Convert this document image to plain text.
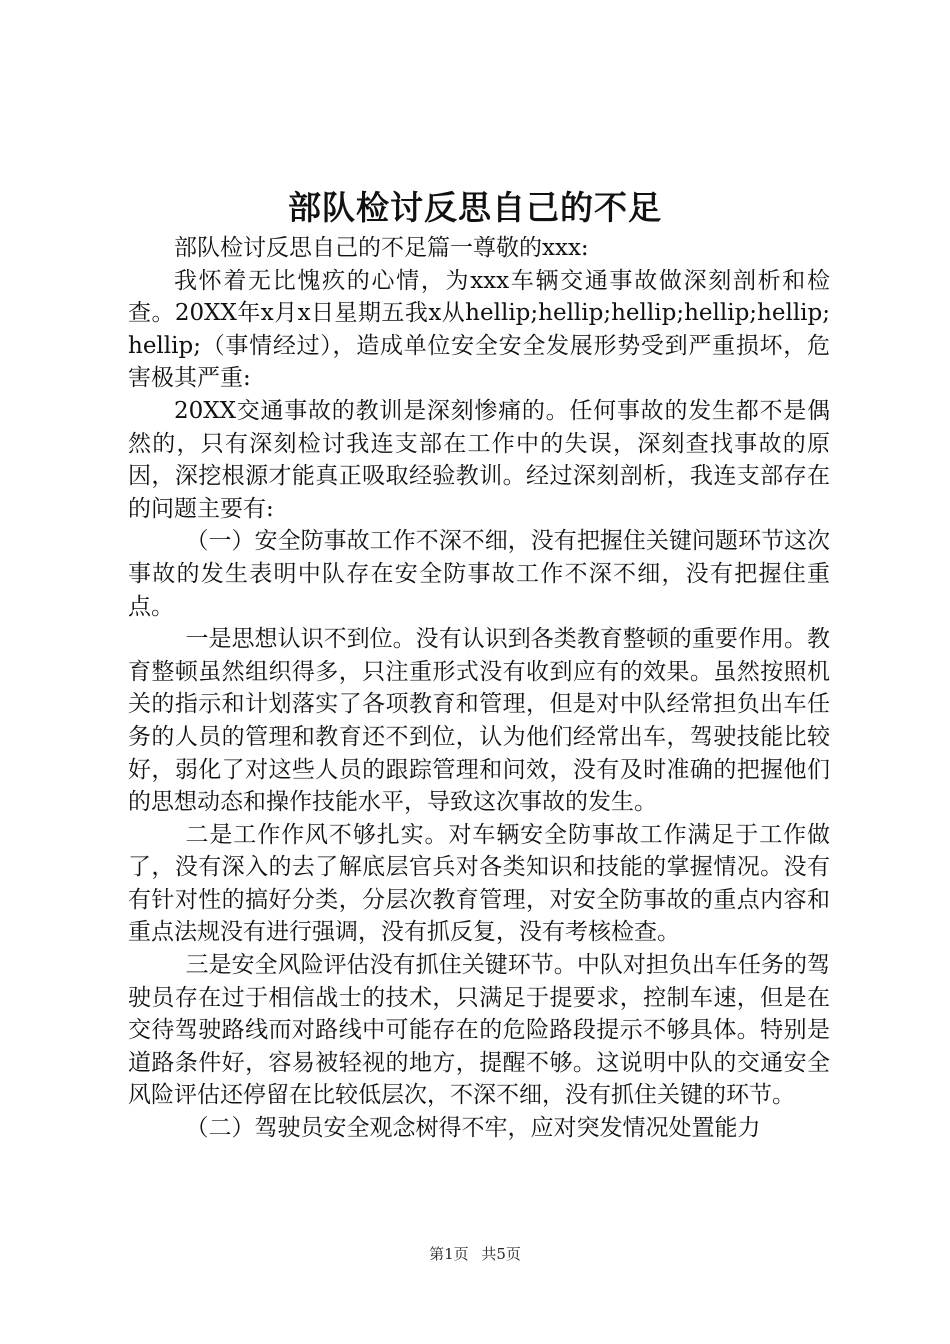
部队检讨反思自己的不足

部队检讨反思自己的不足篇一尊敬的xxx:

我怀着无比愧疚的心情，为xxx车辆交通事故做深刻剖析和检查。20XX年x月x日星期五我x从hellip;hellip;hellip;hellip;hellip;hellip;（事情经过），造成单位安全安全发展形势受到严重损坏，危害极其严重:

20XX交通事故的教训是深刻惨痛的。任何事故的发生都不是偶然的，只有深刻检讨我连支部在工作中的失误，深刻查找事故的原因，深挖根源才能真正吸取经验教训。经过深刻剖析，我连支部存在的问题主要有:

（一）安全防事故工作不深不细，没有把握住关键问题环节这次事故的发生表明中队存在安全防事故工作不深不细，没有把握住重点。

一是思想认识不到位。没有认识到各类教育整顿的重要作用。教育整顿虽然组织得多，只注重形式没有收到应有的效果。虽然按照机关的指示和计划落实了各项教育和管理，但是对中队经常担负出车任务的人员的管理和教育还不到位，认为他们经常出车，驾驶技能比较好，弱化了对这些人员的跟踪管理和问效，没有及时准确的把握他们的思想动态和操作技能水平，导致这次事故的发生。

二是工作作风不够扎实。对车辆安全防事故工作满足于工作做了，没有深入的去了解底层官兵对各类知识和技能的掌握情况。没有有针对性的搞好分类，分层次教育管理，对安全防事故的重点内容和重点法规没有进行强调，没有抓反复，没有考核检查。

三是安全风险评估没有抓住关键环节。中队对担负出车任务的驾驶员存在过于相信战士的技术，只满足于提要求，控制车速，但是在交待驾驶路线而对路线中可能存在的危险路段提示不够具体。特别是道路条件好，容易被轻视的地方，提醒不够。这说明中队的交通安全风险评估还停留在比较低层次，不深不细，没有抓住关键的环节。

（二）驾驶员安全观念树得不牢，应对突发情况处置能力

第1页 共5页
